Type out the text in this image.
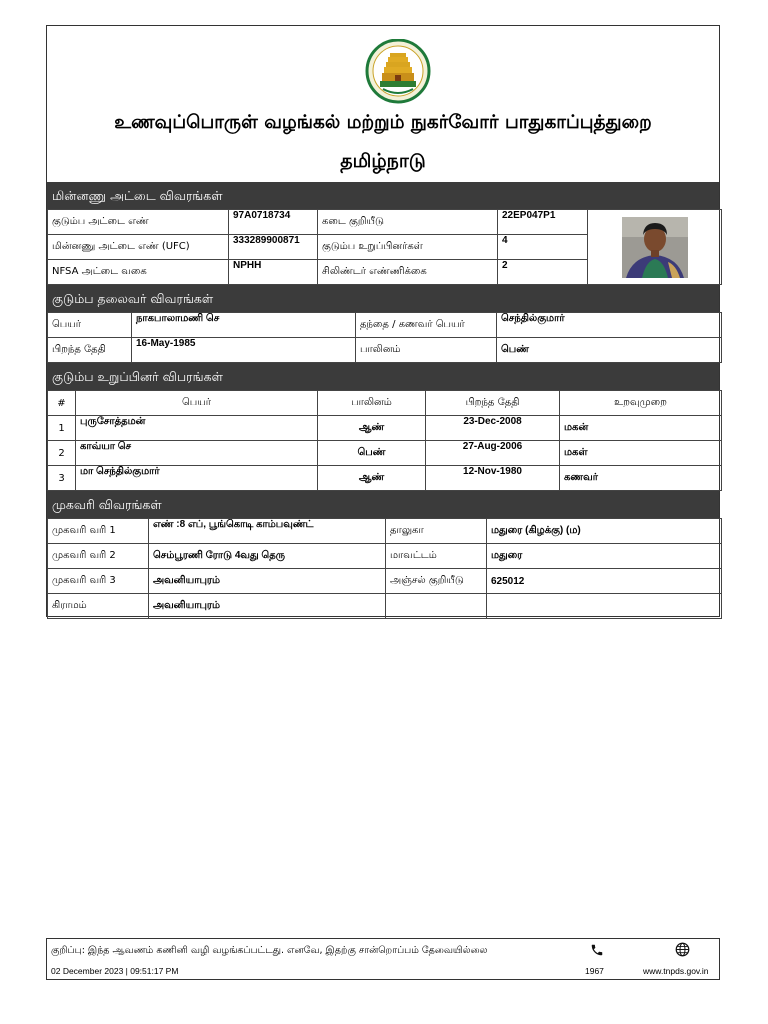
உணவுப்பொருள் வழங்கல் மற்றும் நுகர்வோர் பாதுகாப்புத்துறை
தமிழ்நாடு
மின்னணு அட்டை விவரங்கள்
குடும்ப அட்டை எண்	97A0718734	கடை குறியீடு	22EP047P1	

மின்னணு அட்டை எண் (UFC)	333289900871	குடும்ப உறுப்பினர்கள்	4	
NFSA அட்டை வகை	NPHH	சிலிண்டர் எண்ணிக்கை	2	
குடும்ப தலைவர் விவரங்கள்
பெயர்	நாகபாலாமணி செ	தந்தை / கணவர் பெயர்	செந்தில்குமார்
பிறந்த தேதி	16-May-1985	பாலினம்	பெண்
குடும்ப உறுப்பினர் விபரங்கள்
#	பெயர்	பாலினம்	பிறந்த தேதி	உறவுமுறை
1	புருசோத்தமன்	ஆண்	23-Dec-2008	மகன்
2	காவ்யா செ	பெண்	27-Aug-2006	மகள்
3	மா செந்தில்குமார்	ஆண்	12-Nov-1980	கணவர்
முகவரி விவரங்கள்
முகவரி வரி 1	எண் :8 எப், பூங்கொடி காம்பவுண்ட்	தாலுகா	மதுரை (கிழக்கு) (ம)
முகவரி வரி 2	செம்பூரணி ரோடு 4வது தெரு	மாவட்டம்	மதுரை
முகவரி வரி 3	அவனியாபுரம்	அஞ்சல் குறியீடு	625012
கிராமம்	அவனியாபுரம்		
குறிப்பு: இந்த ஆவணம் கணினி வழி வழங்கப்பட்டது. எனவே, இதற்கு சான்றொப்பம் தேவையில்லை
1967	www.tnpds.gov.in
02 December 2023 | 09:51:17 PM
